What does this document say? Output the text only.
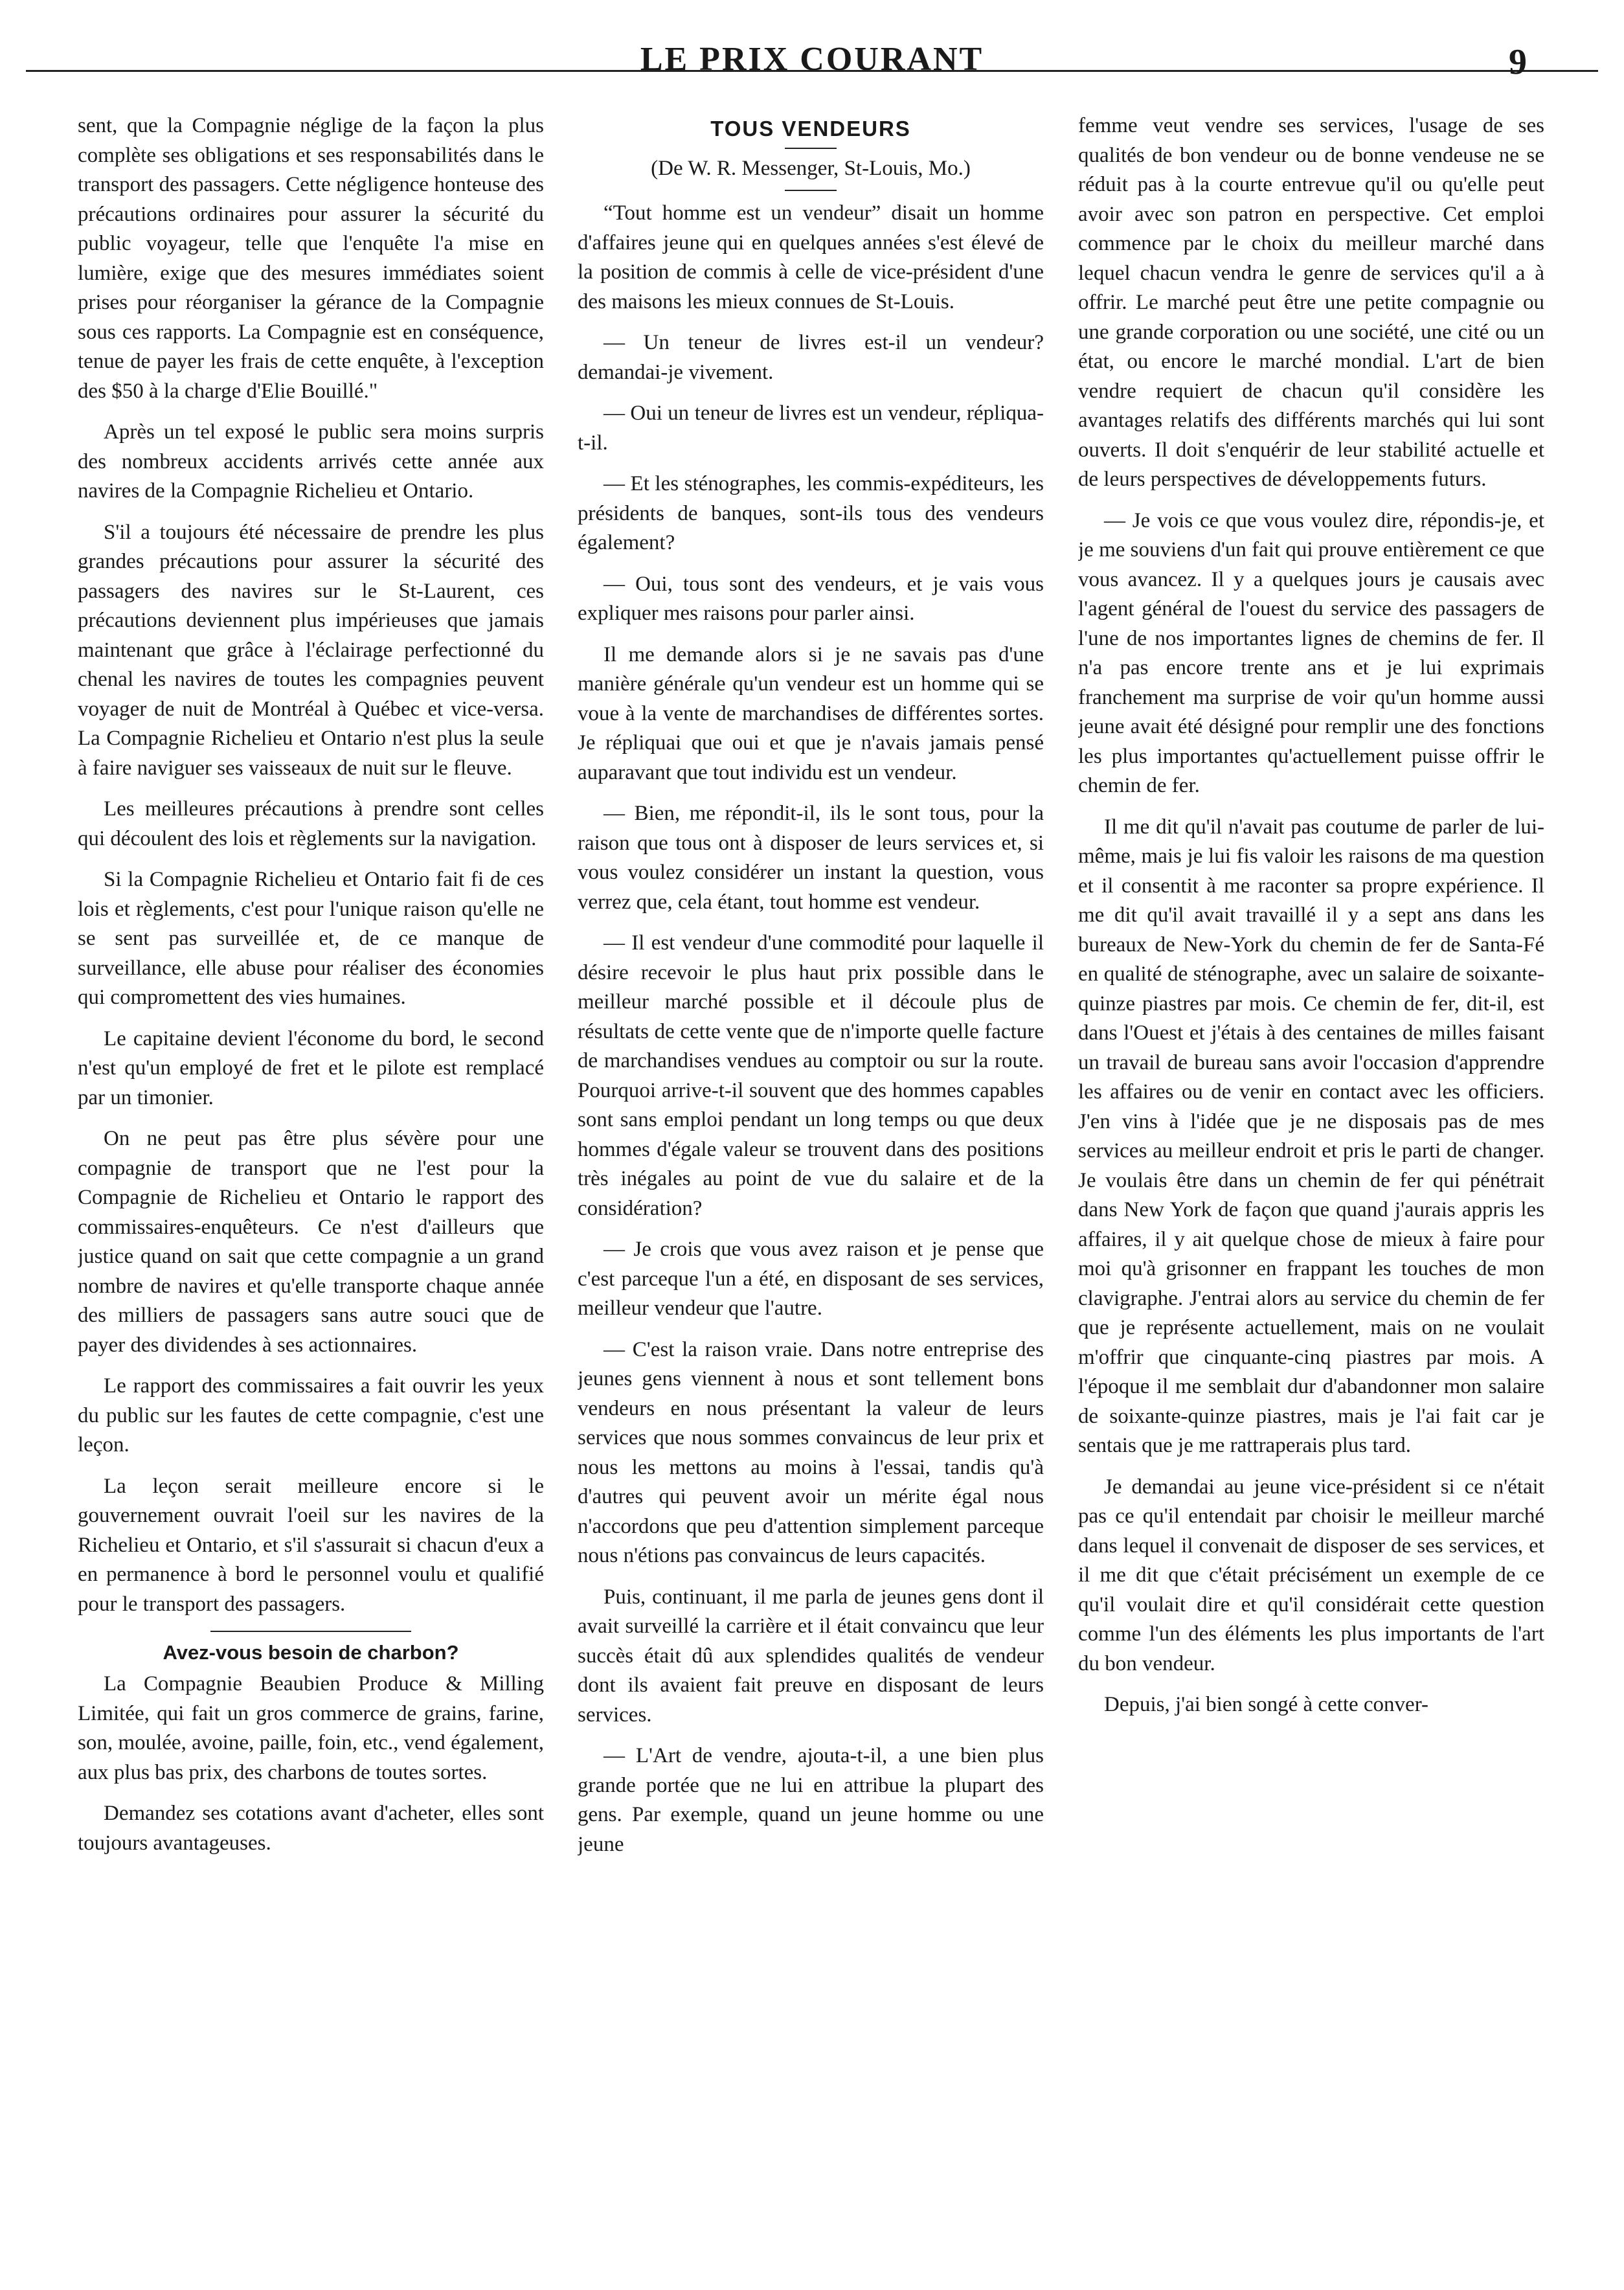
LE PRIX COURANT	9

sent, que la Compagnie néglige de la façon la plus complète ses obligations et ses responsabilités dans le transport des passagers. Cette négligence honteuse des précautions ordinaires pour assurer la sécurité du public voyageur, telle que l'enquête l'a mise en lumière, exige que des mesures immédiates soient prises pour réorganiser la gérance de la Compagnie sous ces rapports. La Compagnie est en conséquence, tenue de payer les frais de cette enquête, à l'exception des $50 à la charge d'Elie Bouillé."

Après un tel exposé le public sera moins surpris des nombreux accidents arrivés cette année aux navires de la Compagnie Richelieu et Ontario.

S'il a toujours été nécessaire de prendre les plus grandes précautions pour assurer la sécurité des passagers des navires sur le St-Laurent, ces précautions deviennent plus impérieuses que jamais maintenant que grâce à l'éclairage perfectionné du chenal les navires de toutes les compagnies peuvent voyager de nuit de Montréal à Québec et vice-versa. La Compagnie Richelieu et Ontario n'est plus la seule à faire naviguer ses vaisseaux de nuit sur le fleuve.

Les meilleures précautions à prendre sont celles qui découlent des lois et règlements sur la navigation.

Si la Compagnie Richelieu et Ontario fait fi de ces lois et règlements, c'est pour l'unique raison qu'elle ne se sent pas surveillée et, de ce manque de surveillance, elle abuse pour réaliser des économies qui compromettent des vies humaines.

Le capitaine devient l'économe du bord, le second n'est qu'un employé de fret et le pilote est remplacé par un timonier.

On ne peut pas être plus sévère pour une compagnie de transport que ne l'est pour la Compagnie de Richelieu et Ontario le rapport des commissaires-enquêteurs. Ce n'est d'ailleurs que justice quand on sait que cette compagnie a un grand nombre de navires et qu'elle transporte chaque année des milliers de passagers sans autre souci que de payer des dividendes à ses actionnaires.

Le rapport des commissaires a fait ouvrir les yeux du public sur les fautes de cette compagnie, c'est une leçon.

La leçon serait meilleure encore si le gouvernement ouvrait l'oeil sur les navires de la Richelieu et Ontario, et s'il s'assurait si chacun d'eux a en permanence à bord le personnel voulu et qualifié pour le transport des passagers.

Avez-vous besoin de charbon?

La Compagnie Beaubien Produce & Milling Limitée, qui fait un gros commerce de grains, farine, son, moulée, avoine, paille, foin, etc., vend également, aux plus bas prix, des charbons de toutes sortes.

Demandez ses cotations avant d'acheter, elles sont toujours avantageuses.

TOUS VENDEURS
(De W. R. Messenger, St-Louis, Mo.)

“Tout homme est un vendeur” disait un homme d'affaires jeune qui en quelques années s'est élevé de la position de commis à celle de vice-président d'une des maisons les mieux connues de St-Louis.

— Un teneur de livres est-il un vendeur? demandai-je vivement.

— Oui un teneur de livres est un vendeur, répliqua-t-il.

— Et les sténographes, les commis-expéditeurs, les présidents de banques, sont-ils tous des vendeurs également?

— Oui, tous sont des vendeurs, et je vais vous expliquer mes raisons pour parler ainsi.

Il me demande alors si je ne savais pas d'une manière générale qu'un vendeur est un homme qui se voue à la vente de marchandises de différentes sortes. Je répliquai que oui et que je n'avais jamais pensé auparavant que tout individu est un vendeur.

— Bien, me répondit-il, ils le sont tous, pour la raison que tous ont à disposer de leurs services et, si vous voulez considérer un instant la question, vous verrez que, cela étant, tout homme est vendeur.

— Il est vendeur d'une commodité pour laquelle il désire recevoir le plus haut prix possible dans le meilleur marché possible et il découle plus de résultats de cette vente que de n'importe quelle facture de marchandises vendues au comptoir ou sur la route. Pourquoi arrive-t-il souvent que des hommes capables sont sans emploi pendant un long temps ou que deux hommes d'égale valeur se trouvent dans des positions très inégales au point de vue du salaire et de la considération?

— Je crois que vous avez raison et je pense que c'est parceque l'un a été, en disposant de ses services, meilleur vendeur que l'autre.

— C'est la raison vraie. Dans notre entreprise des jeunes gens viennent à nous et sont tellement bons vendeurs en nous présentant la valeur de leurs services que nous sommes convaincus de leur prix et nous les mettons au moins à l'essai, tandis qu'à d'autres qui peuvent avoir un mérite égal nous n'accordons que peu d'attention simplement parceque nous n'étions pas convaincus de leurs capacités.

Puis, continuant, il me parla de jeunes gens dont il avait surveillé la carrière et il était convaincu que leur succès était dû aux splendides qualités de vendeur dont ils avaient fait preuve en disposant de leurs services.

— L'Art de vendre, ajouta-t-il, a une bien plus grande portée que ne lui en attribue la plupart des gens. Par exemple, quand un jeune homme ou une jeune

femme veut vendre ses services, l'usage de ses qualités de bon vendeur ou de bonne vendeuse ne se réduit pas à la courte entrevue qu'il ou qu'elle peut avoir avec son patron en perspective. Cet emploi commence par le choix du meilleur marché dans lequel chacun vendra le genre de services qu'il a à offrir. Le marché peut être une petite compagnie ou une grande corporation ou une société, une cité ou un état, ou encore le marché mondial. L'art de bien vendre requiert de chacun qu'il considère les avantages relatifs des différents marchés qui lui sont ouverts. Il doit s'enquérir de leur stabilité actuelle et de leurs perspectives de développements futurs.

— Je vois ce que vous voulez dire, répondis-je, et je me souviens d'un fait qui prouve entièrement ce que vous avancez. Il y a quelques jours je causais avec l'agent général de l'ouest du service des passagers de l'une de nos importantes lignes de chemins de fer. Il n'a pas encore trente ans et je lui exprimais franchement ma surprise de voir qu'un homme aussi jeune avait été désigné pour remplir une des fonctions les plus importantes qu'actuellement puisse offrir le chemin de fer.

Il me dit qu'il n'avait pas coutume de parler de lui-même, mais je lui fis valoir les raisons de ma question et il consentit à me raconter sa propre expérience. Il me dit qu'il avait travaillé il y a sept ans dans les bureaux de New-York du chemin de fer de Santa-Fé en qualité de sténographe, avec un salaire de soixante-quinze piastres par mois. Ce chemin de fer, dit-il, est dans l'Ouest et j'étais à des centaines de milles faisant un travail de bureau sans avoir l'occasion d'apprendre les affaires ou de venir en contact avec les officiers. J'en vins à l'idée que je ne disposais pas de mes services au meilleur endroit et pris le parti de changer. Je voulais être dans un chemin de fer qui pénétrait dans New York de façon que quand j'aurais appris les affaires, il y ait quelque chose de mieux à faire pour moi qu'à grisonner en frappant les touches de mon clavigraphe. J'entrai alors au service du chemin de fer que je représente actuellement, mais on ne voulait m'offrir que cinquante-cinq piastres par mois. A l'époque il me semblait dur d'abandonner mon salaire de soixante-quinze piastres, mais je l'ai fait car je sentais que je me rattraperais plus tard.

Je demandai au jeune vice-président si ce n'était pas ce qu'il entendait par choisir le meilleur marché dans lequel il convenait de disposer de ses services, et il me dit que c'était précisément un exemple de ce qu'il voulait dire et qu'il considérait cette question comme l'un des éléments les plus importants de l'art du bon vendeur.

Depuis, j'ai bien songé à cette conver-
